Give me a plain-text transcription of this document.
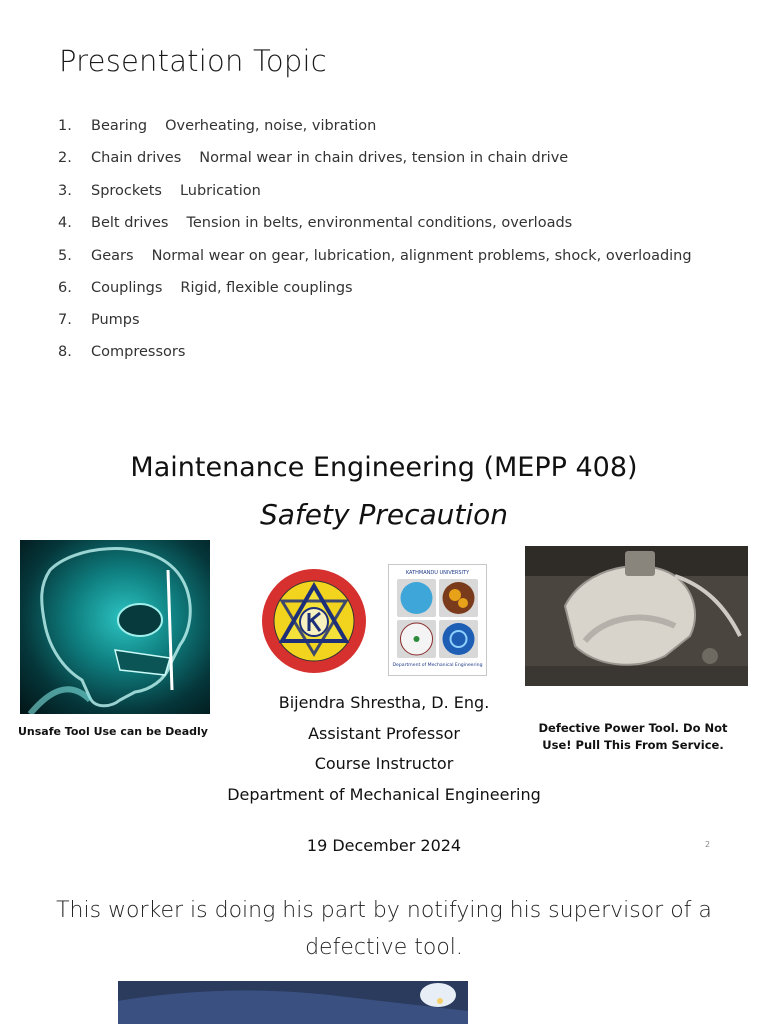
Presentation Topic
1. Bearing Overheating, noise, vibration
2. Chain drives Normal wear in chain drives, tension in chain drive
3. Sprockets Lubrication
4. Belt drives Tension in belts, environmental conditions, overloads
5. Gears Normal wear on gear, lubrication, alignment problems, shock, overloading
6. Couplings Rigid, flexible couplings
7. Pumps
8. Compressors
Maintenance Engineering (MEPP 408)
Safety Precaution
Unsafe Tool Use can be Deadly
KATHMANDU UNIVERSITY
Department of Mechanical Engineering
Defective Power Tool. Do Not Use! Pull This From Service.
Bijendra Shrestha, D. Eng.
Assistant Professor
Course Instructor
Department of Mechanical Engineering
19 December 2024	2
This worker is doing his part by notifying his supervisor of a defective tool.
